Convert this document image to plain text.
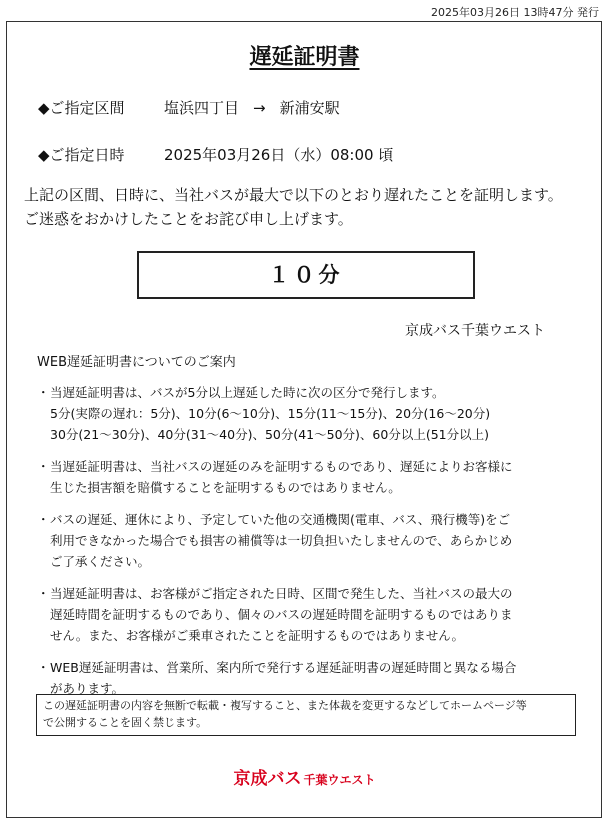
2025年03月26日 13時47分 発行
遅延証明書
◆ご指定区間	塩浜四丁目 → 新浦安駅
◆ご指定日時	2025年03月26日（水）08:00 頃
上記の区間、日時に、当社バスが最大で以下のとおり遅れたことを証明します。
ご迷惑をおかけしたことをお詫び申し上げます。
１０分
京成バス千葉ウエスト
WEB遅延証明書についてのご案内
・ 当遅延証明書は、バスが5分以上遅延した時に次の区分で発行します。
5分(実際の遅れ：5分)、10分(6〜10分)、15分(11〜15分)、20分(16〜20分)
30分(21〜30分)、40分(31〜40分)、50分(41〜50分)、60分以上(51分以上)
・ 当遅延証明書は、当社バスの遅延のみを証明するものであり、遅延によりお客様に
生じた損害額を賠償することを証明するものではありません。
・ バスの遅延、運休により、予定していた他の交通機関(電車、バス、飛行機等)をご
利用できなかった場合でも損害の補償等は一切負担いたしませんので、あらかじめ
ご了承ください。
・ 当遅延証明書は、お客様がご指定された日時、区間で発生した、当社バスの最大の
遅延時間を証明するものであり、個々のバスの遅延時間を証明するものではありま
せん。また、お客様がご乗車されたことを証明するものではありません。
・ WEB遅延証明書は、営業所、案内所で発行する遅延証明書の遅延時間と異なる場合
があります。
この遅延証明書の内容を無断で転載・複写すること、また体裁を変更するなどしてホームページ等
で公開することを固く禁じます。
京成バス 千葉ウエスト
